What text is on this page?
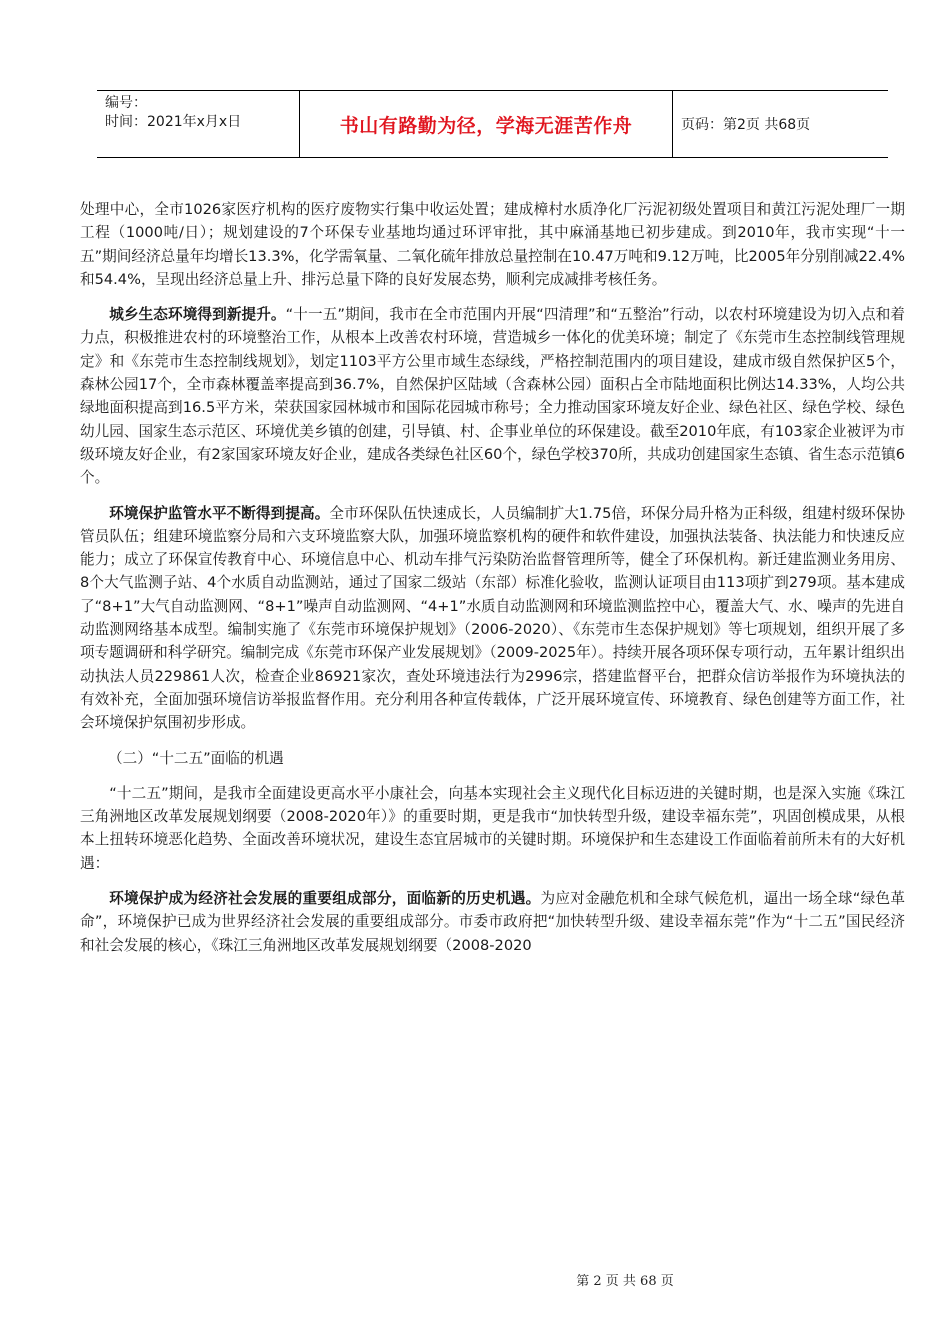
编号：
时间：2021年x月x日	书山有路勤为径，学海无涯苦作舟	页码：第2页 共68页

处理中心，全市1026家医疗机构的医疗废物实行集中收运处置；建成樟村水质净化厂污泥初级处置项目和黄江污泥处理厂一期工程（1000吨/日）；规划建设的7个环保专业基地均通过环评审批，其中麻涌基地已初步建成。到2010年，我市实现“十一五”期间经济总量年均增长13.3%，化学需氧量、二氧化硫年排放总量控制在10.47万吨和9.12万吨，比2005年分别削减22.4%和54.4%，呈现出经济总量上升、排污总量下降的良好发展态势，顺利完成减排考核任务。

城乡生态环境得到新提升。“十一五”期间，我市在全市范围内开展“四清理”和“五整治”行动，以农村环境建设为切入点和着力点，积极推进农村的环境整治工作，从根本上改善农村环境，营造城乡一体化的优美环境；制定了《东莞市生态控制线管理规定》和《东莞市生态控制线规划》，划定1103平方公里市域生态绿线，严格控制范围内的项目建设，建成市级自然保护区5个，森林公园17个，全市森林覆盖率提高到36.7%，自然保护区陆域（含森林公园）面积占全市陆地面积比例达14.33%，人均公共绿地面积提高到16.5平方米，荣获国家园林城市和国际花园城市称号；全力推动国家环境友好企业、绿色社区、绿色学校、绿色幼儿园、国家生态示范区、环境优美乡镇的创建，引导镇、村、企事业单位的环保建设。截至2010年底，有103家企业被评为市级环境友好企业，有2家国家环境友好企业，建成各类绿色社区60个，绿色学校370所，共成功创建国家生态镇、省生态示范镇6个。

环境保护监管水平不断得到提高。全市环保队伍快速成长，人员编制扩大1.75倍，环保分局升格为正科级，组建村级环保协管员队伍；组建环境监察分局和六支环境监察大队，加强环境监察机构的硬件和软件建设，加强执法装备、执法能力和快速反应能力；成立了环保宣传教育中心、环境信息中心、机动车排气污染防治监督管理所等，健全了环保机构。新迁建监测业务用房、8个大气监测子站、4个水质自动监测站，通过了国家二级站（东部）标准化验收，监测认证项目由113项扩到279项。基本建成了“8+1”大气自动监测网、“8+1”噪声自动监测网、“4+1”水质自动监测网和环境监测监控中心，覆盖大气、水、噪声的先进自动监测网络基本成型。编制实施了《东莞市环境保护规划》（2006-2020）、《东莞市生态保护规划》等七项规划，组织开展了多项专题调研和科学研究。编制完成《东莞市环保产业发展规划》（2009-2025年）。持续开展各项环保专项行动，五年累计组织出动执法人员229861人次，检查企业86921家次，查处环境违法行为2996宗，搭建监督平台，把群众信访举报作为环境执法的有效补充，全面加强环境信访举报监督作用。充分利用各种宣传载体，广泛开展环境宣传、环境教育、绿色创建等方面工作，社会环境保护氛围初步形成。

（二）“十二五”面临的机遇

“十二五”期间，是我市全面建设更高水平小康社会，向基本实现社会主义现代化目标迈进的关键时期，也是深入实施《珠江三角洲地区改革发展规划纲要（2008-2020年）》的重要时期，更是我市“加快转型升级，建设幸福东莞”，巩固创模成果，从根本上扭转环境恶化趋势、全面改善环境状况，建设生态宜居城市的关键时期。环境保护和生态建设工作面临着前所未有的大好机遇：

环境保护成为经济社会发展的重要组成部分，面临新的历史机遇。为应对金融危机和全球气候危机，逼出一场全球“绿色革命”，环境保护已成为世界经济社会发展的重要组成部分。市委市政府把“加快转型升级、建设幸福东莞”作为“十二五”国民经济和社会发展的核心，《珠江三角洲地区改革发展规划纲要（2008-2020

第 2 页 共 68 页
